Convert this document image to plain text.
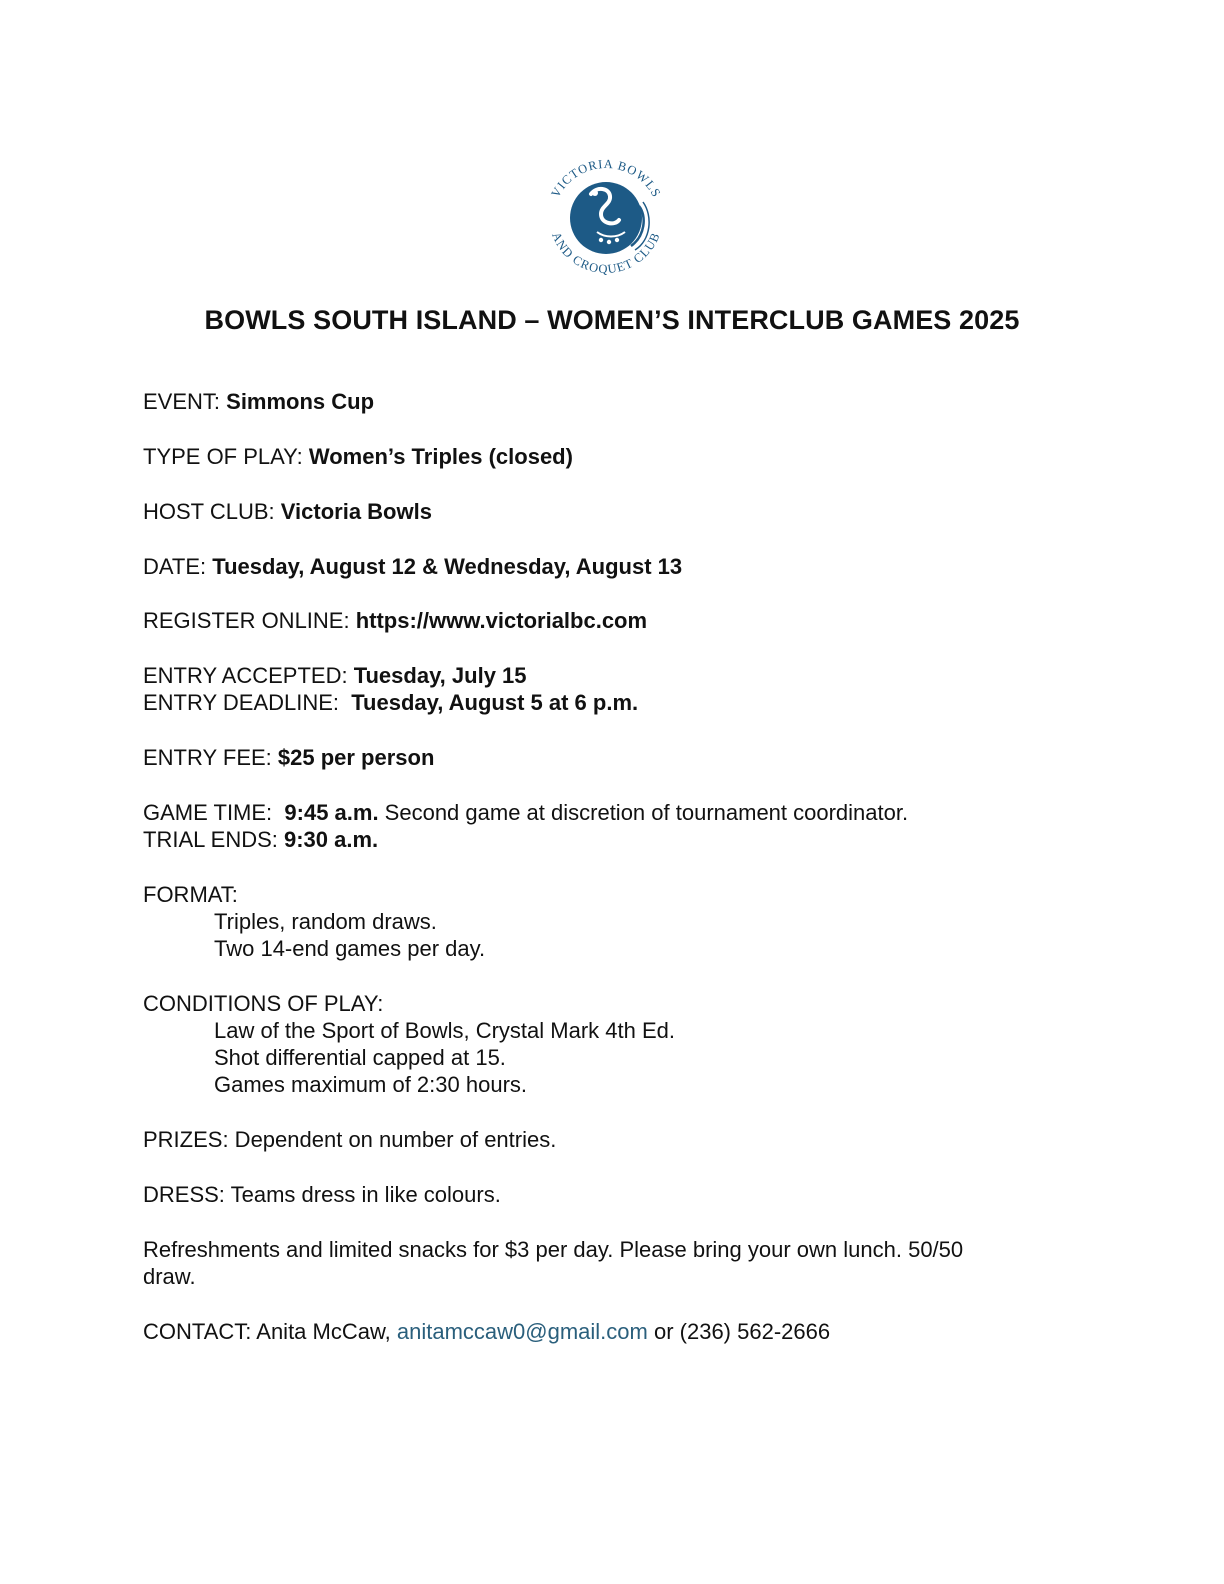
VICTORIA BOWLS
AND CROQUET CLUB
BOWLS SOUTH ISLAND – WOMEN’S INTERCLUB GAMES 2025
EVENT: Simmons Cup
TYPE OF PLAY: Women’s Triples (closed)
HOST CLUB: Victoria Bowls
DATE: Tuesday, August 12 & Wednesday, August 13
REGISTER ONLINE: https://www.victorialbc.com
ENTRY ACCEPTED: Tuesday, July 15
ENTRY DEADLINE:  Tuesday, August 5 at 6 p.m.
ENTRY FEE: $25 per person
GAME TIME:  9:45 a.m. Second game at discretion of tournament coordinator.
TRIAL ENDS: 9:30 a.m.
FORMAT:
Triples, random draws.
Two 14-end games per day.
CONDITIONS OF PLAY:
Law of the Sport of Bowls, Crystal Mark 4th Ed.
Shot differential capped at 15.
Games maximum of 2:30 hours.
PRIZES: Dependent on number of entries.
DRESS: Teams dress in like colours.
Refreshments and limited snacks for $3 per day. Please bring your own lunch. 50/50
draw.
CONTACT: Anita McCaw, anitamccaw0@gmail.com or (236) 562-2666
